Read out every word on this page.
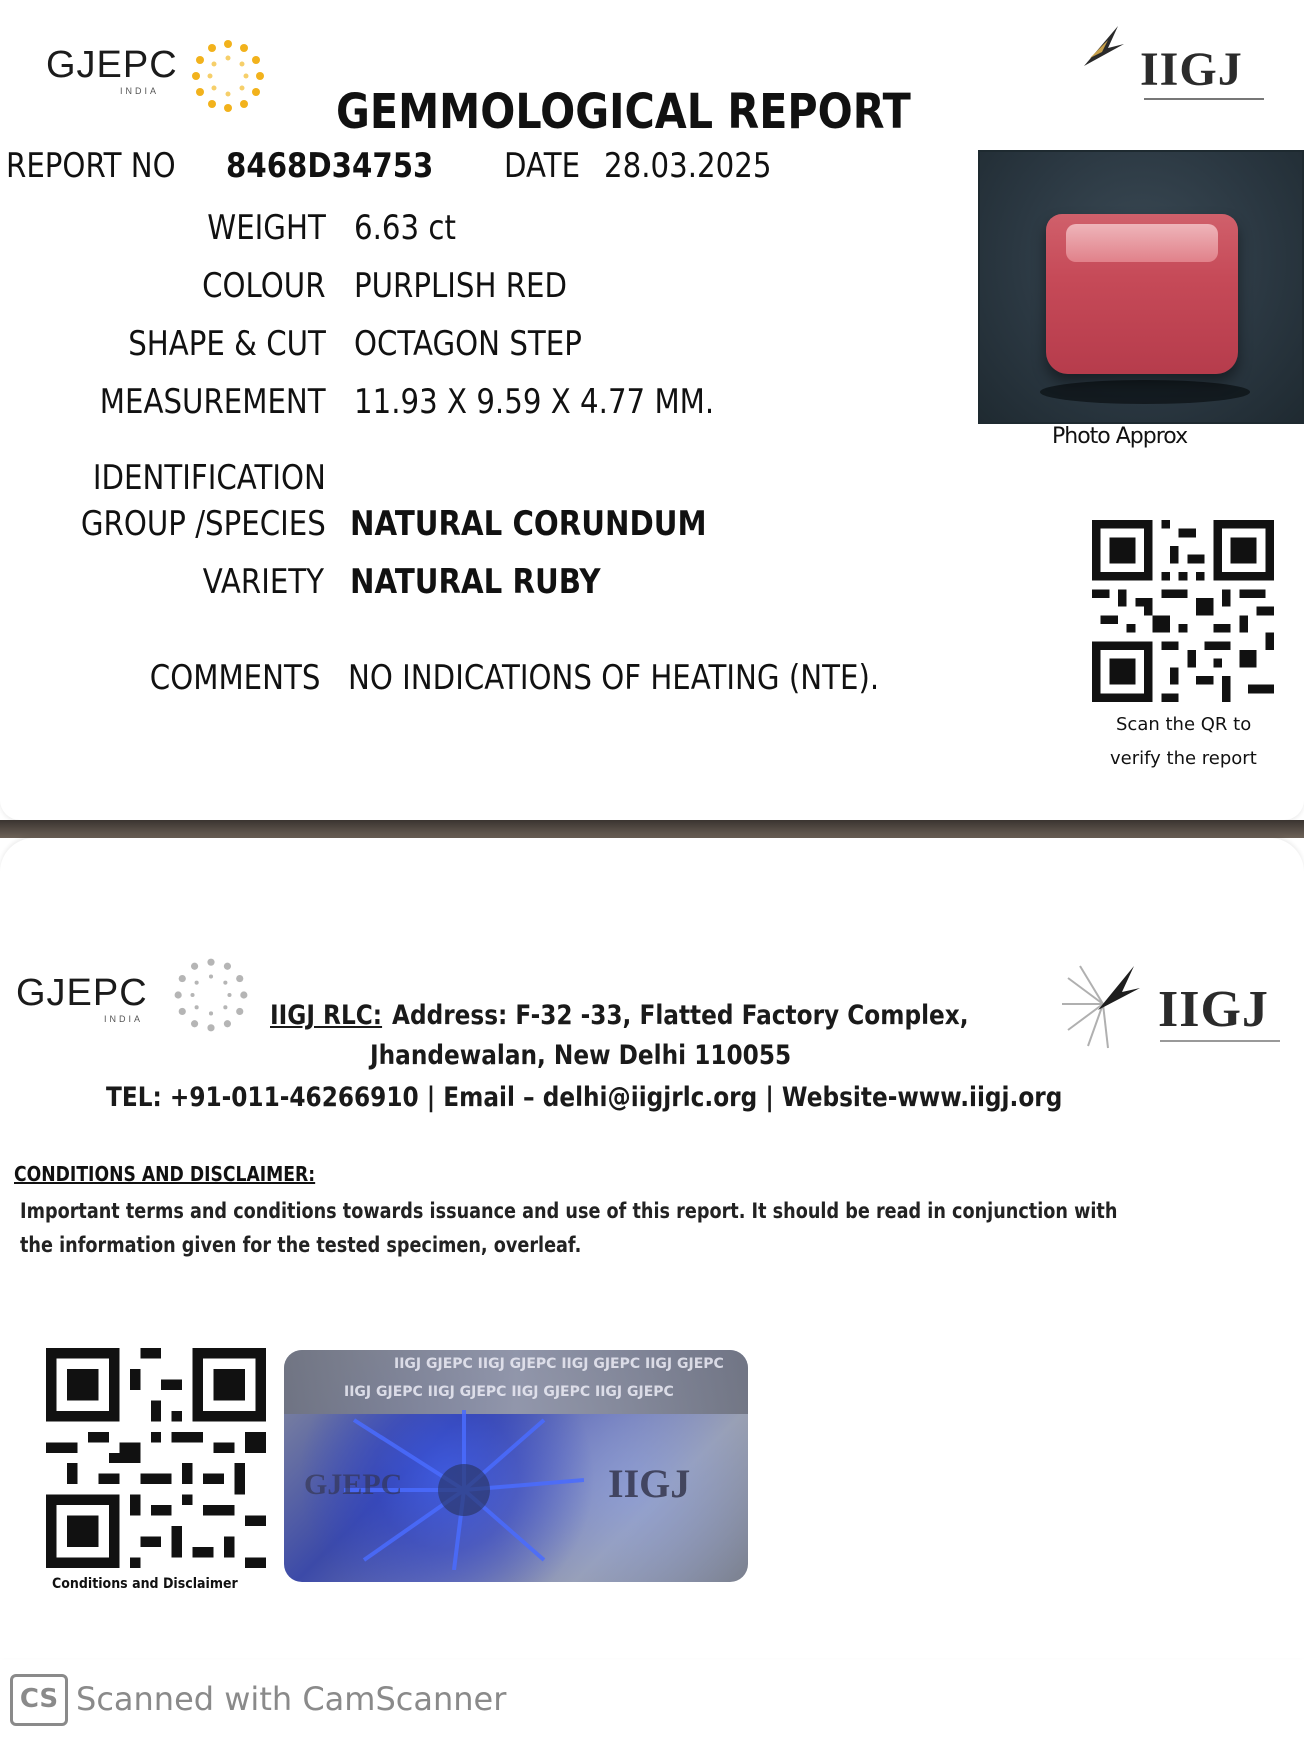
GJEPC
INDIA	IIGJ
GEMMOLOGICAL REPORT
REPORT NO 8468D34753 DATE 28.03.2025
WEIGHT 6.63 ct
COLOUR PURPLISH RED
SHAPE & CUT OCTAGON STEP
MEASUREMENT 11.93 X 9.59 X 4.77 MM.
IDENTIFICATION
GROUP /SPECIES NATURAL CORUNDUM
VARIETY NATURAL RUBY
COMMENTS NO INDICATIONS OF HEATING (NTE).
Photo Approx
Scan the QR to
verify the report
GJEPC
INDIA	IIGJ
IIGJ RLC: Address: F-32 -33, Flatted Factory Complex,
Jhandewalan, New Delhi 110055
TEL: +91-011-46266910 | Email – delhi@iigjrlc.org | Website-www.iigj.org
CONDITIONS AND DISCLAIMER:
Important terms and conditions towards issuance and use of this report. It should be read in conjunction with
the information given for the tested specimen, overleaf.
Conditions and Disclaimer
IIGJ GJEPC IIGJ GJEPC IIGJ GJEPC IIGJ GJEPC
IIGJ GJEPC IIGJ GJEPC IIGJ GJEPC IIGJ GJEPC
GJEPC	IIGJ
CS Scanned with CamScanner
